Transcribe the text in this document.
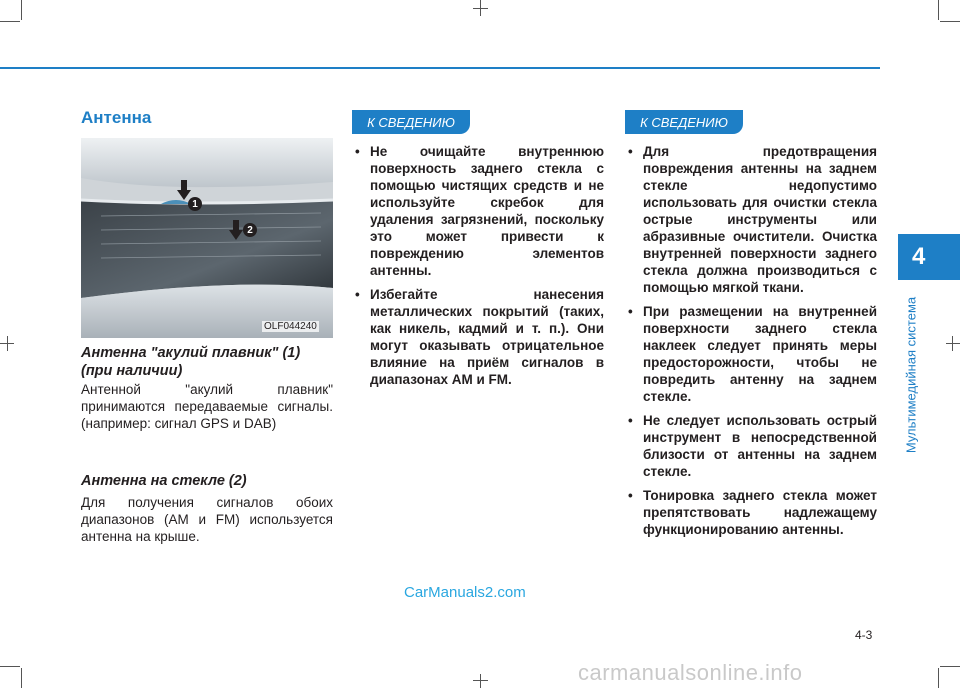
4
Мультимедийная система
Антенна
1
2
OLF044240
Антенна "акулий плавник" (1) (при наличии)
Антенной "акулий плавник" принимаются передаваемые сигналы. (например: сигнал GPS и DAB)
Антенна на стекле (2)
Для получения сигналов обоих диапазонов (AM и FM) используется антенна на крыше.
К СВЕДЕНИЮ
• Не очищайте внутреннюю поверхность заднего стекла с помощью чистящих средств и не используйте скребок для удаления загрязнений, поскольку это может привести к повреждению элементов антенны.
• Избегайте нанесения металлических покрытий (таких, как никель, кадмий и т. п.). Они могут оказывать отрицательное влияние на приём сигналов в диапазонах AM и FM.
К СВЕДЕНИЮ
• Для предотвращения повреждения антенны на заднем стекле недопустимо использовать для очистки стекла острые инструменты или абразивные очистители. Очистка внутренней поверхности заднего стекла должна производиться с помощью мягкой ткани.
• При размещении на внутренней поверхности заднего стекла наклеек следует принять меры предосторожности, чтобы не повредить антенну на заднем стекле.
• Не следует использовать острый инструмент в непосредственной близости от антенны на заднем стекле.
• Тонировка заднего стекла может препятствовать надлежащему функционированию антенны.
CarManuals2.com
4-3
carmanualsonline.info
